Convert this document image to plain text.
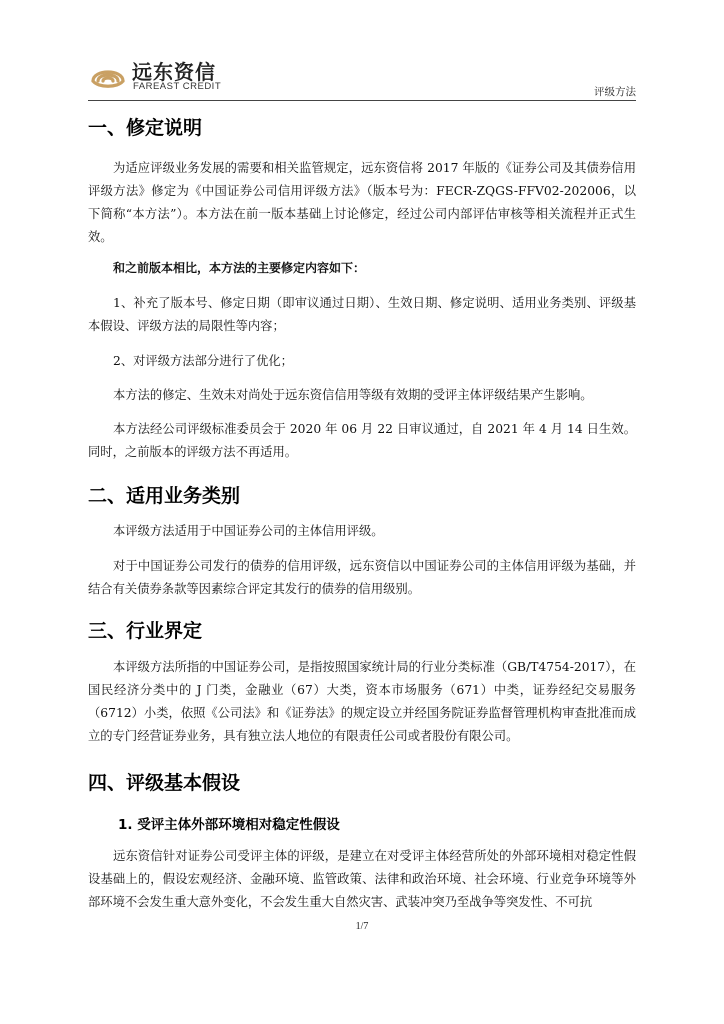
远东资信
FAREAST CREDIT	评级方法
一、修定说明

为适应评级业务发展的需要和相关监管规定，远东资信将 2017 年版的《证券公司及其债券信用评级方法》修定为《中国证券公司信用评级方法》（版本号为：FECR-ZQGS-FFV02-202006，以下简称“本方法”）。本方法在前一版本基础上讨论修定，经过公司内部评估审核等相关流程并正式生效。

和之前版本相比，本方法的主要修定内容如下：

1、补充了版本号、修定日期（即审议通过日期）、生效日期、修定说明、适用业务类别、评级基本假设、评级方法的局限性等内容；

2、对评级方法部分进行了优化；

本方法的修定、生效未对尚处于远东资信信用等级有效期的受评主体评级结果产生影响。

本方法经公司评级标准委员会于 2020 年 06 月 22 日审议通过，自 2021 年 4 月 14 日生效。同时，之前版本的评级方法不再适用。

二、适用业务类别

本评级方法适用于中国证券公司的主体信用评级。

对于中国证券公司发行的债券的信用评级，远东资信以中国证券公司的主体信用评级为基础，并结合有关债券条款等因素综合评定其发行的债券的信用级别。

三、行业界定

本评级方法所指的中国证券公司，是指按照国家统计局的行业分类标准（GB/T4754-2017），在国民经济分类中的 J 门类，金融业（67）大类，资本市场服务（671）中类，证券经纪交易服务（6712）小类，依照《公司法》和《证券法》的规定设立并经国务院证券监督管理机构审查批准而成立的专门经营证券业务，具有独立法人地位的有限责任公司或者股份有限公司。

四、评级基本假设
1. 受评主体外部环境相对稳定性假设

远东资信针对证券公司受评主体的评级，是建立在对受评主体经营所处的外部环境相对稳定性假设基础上的，假设宏观经济、金融环境、监管政策、法律和政治环境、社会环境、行业竞争环境等外部环境不会发生重大意外变化，不会发生重大自然灾害、武装冲突乃至战争等突发性、不可抗

1/7
